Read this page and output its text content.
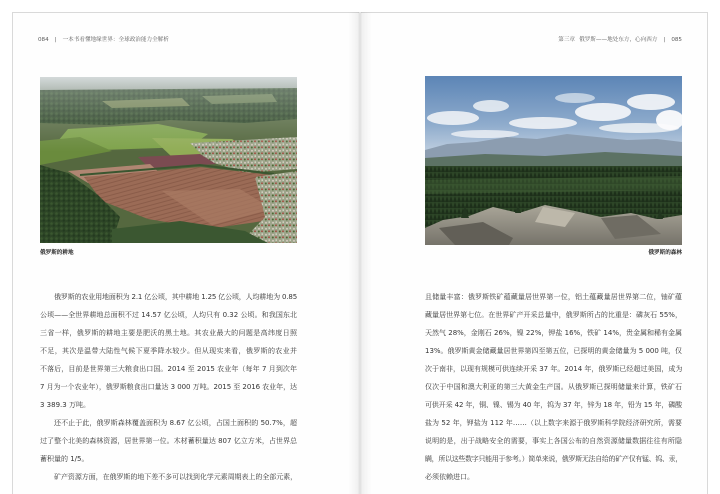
084 | 一本书看懂地缘世界：全球政治能力全解析	第三章 俄罗斯——地处东方，心向西方 | 085
俄罗斯的耕地	俄罗斯的森林

俄罗斯的农业用地面积为 2.1 亿公顷，其中耕地 1.25 亿公顷，人均耕地为 0.85
公顷——全世界耕地总面积不过 14.57 亿公顷，人均只有 0.32 公顷。和我国东北
三省一样，俄罗斯的耕地主要是肥沃的黑土地。其农业最大的问题是高纬度日照
不足，其次是温带大陆性气候下夏季降水较少。但从现实来看，俄罗斯的农业并
不落后，目前是世界第三大粮食出口国。2014 至 2015 农业年（每年 7 月到次年
7 月为一个农业年），俄罗斯粮食出口量达 3 000 万吨。2015 至 2016 农业年，达
3 389.3 万吨。

还不止于此，俄罗斯森林覆盖面积为 8.67 亿公顷，占国土面积的 50.7%，超
过了整个北美的森林资源，居世界第一位。木材蓄积量达 807 亿立方米，占世界总
蓄积量的 1/5。

矿产资源方面，在俄罗斯的地下差不多可以找到化学元素周期表上的全部元素，

且储量丰富：俄罗斯铁矿蕴藏量居世界第一位，铝土蕴藏量居世界第二位，铀矿蕴
藏量居世界第七位。在世界矿产开采总量中，俄罗斯所占的比重是：磷灰石 55%，
天然气 28%，金刚石 26%，镍 22%，钾盐 16%，铁矿 14%，贵金属和稀有金属
13%。俄罗斯黄金储藏量居世界第四至第五位，已探明的黄金储量为 5 000 吨，仅
次于南非，以现有规模可供连续开采 37 年。2014 年，俄罗斯已经超过美国，成为
仅次于中国和澳大利亚的第三大黄金生产国。从俄罗斯已探明储量来计算，铁矿石
可供开采 42 年，铜、镍、锡为 40 年，钨为 37 年，锌为 18 年，铅为 15 年，磷酸
盐为 52 年，钾盐为 112 年……（以上数字来源于俄罗斯科学院经济研究所，需要
说明的是，出于战略安全的需要，事实上各国公布的自然资源储量数据往往有所隐
瞒，所以这些数字只能用于参考。）简单来说，俄罗斯无法自给的矿产仅有锰、钨、汞，
必须依赖进口。
